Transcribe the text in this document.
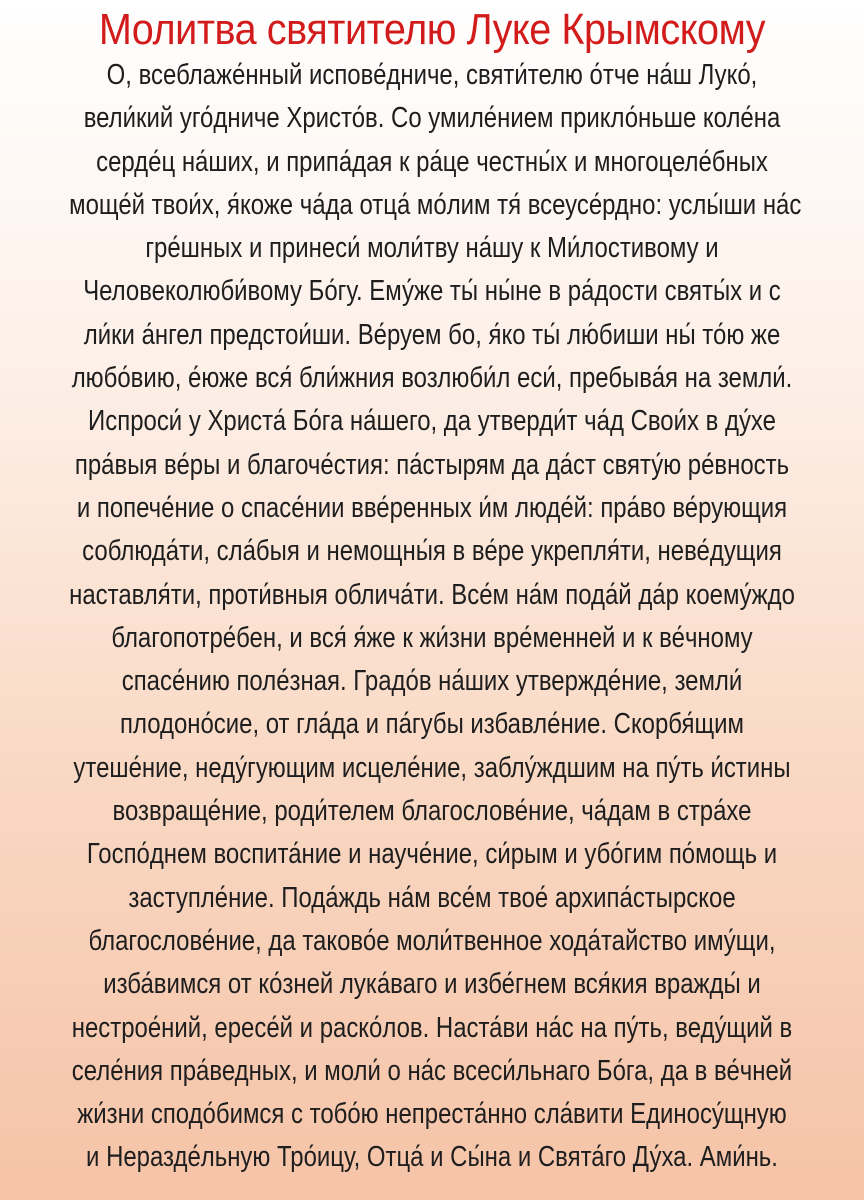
Молитва святителю Луке Крымскому
О, всеблаже́нный испове́дниче, святи́телю о́тче на́ш Луко́,
вели́кий уго́дниче Христо́в. Со умиле́нием прикло́ньше коле́на
серде́ц на́ших, и припа́дая к ра́це честны́х и многоцеле́бных
моще́й твои́х, я́коже ча́да отца́ мо́лим тя́ всеусе́рдно: услы́ши на́с
гре́шных и принеси́ моли́тву на́шу к Ми́лостивому и
Человеколюби́вому Бо́гу. Ему́же ты́ ны́не в ра́дости святы́х и с
ли́ки а́нгел предстои́ши. Ве́руем бо, я́ко ты́ лю́биши ны́ то́ю же
любо́вию, е́юже вся́ бли́жния возлюби́л еси́, пребыва́я на земли́.
Испроси́ у Христа́ Бо́га на́шего, да утверди́т ча́д Свои́х в ду́хе
пра́выя ве́ры и благоче́стия: па́стырям да да́ст святу́ю ре́вность
и попече́ние о спасе́нии вве́ренных и́м люде́й: пра́во ве́рующия
соблюда́ти, сла́быя и немощны́я в ве́ре укрепля́ти, неве́дущия
наставля́ти, проти́вныя облича́ти. Все́м на́м пода́й да́р коему́ждо
благопотре́бен, и вся́ я́же к жи́зни вре́менней и к ве́чному
спасе́нию поле́зная. Градо́в на́ших утвержде́ние, земли́
плодоно́сие, от гла́да и па́губы избавле́ние. Скорбя́щим
утеше́ние, неду́гующим исцеле́ние, заблу́ждшим на пу́ть и́стины
возвраще́ние, роди́телем благослове́ние, ча́дам в стра́хе
Госпо́днем воспита́ние и науче́ние, си́рым и убо́гим по́мощь и
заступле́ние. Пода́ждь на́м все́м твое́ архипа́стырское
благослове́ние, да таково́е моли́твенное хода́тайство иму́щи,
изба́вимся от ко́зней лука́ваго и избе́гнем вся́кия вражды́ и
нестрое́ний, ересе́й и раско́лов. Наста́ви на́с на пу́ть, веду́щий в
селе́ния пра́ведных, и моли́ о на́с всеси́льнаго Бо́га, да в ве́чней
жи́зни сподо́бимся с тобо́ю непреста́нно сла́вити Единосу́щную
и Неразде́льную Тро́ицу, Отца́ и Сы́на и Свята́го Ду́ха. Ами́нь.
